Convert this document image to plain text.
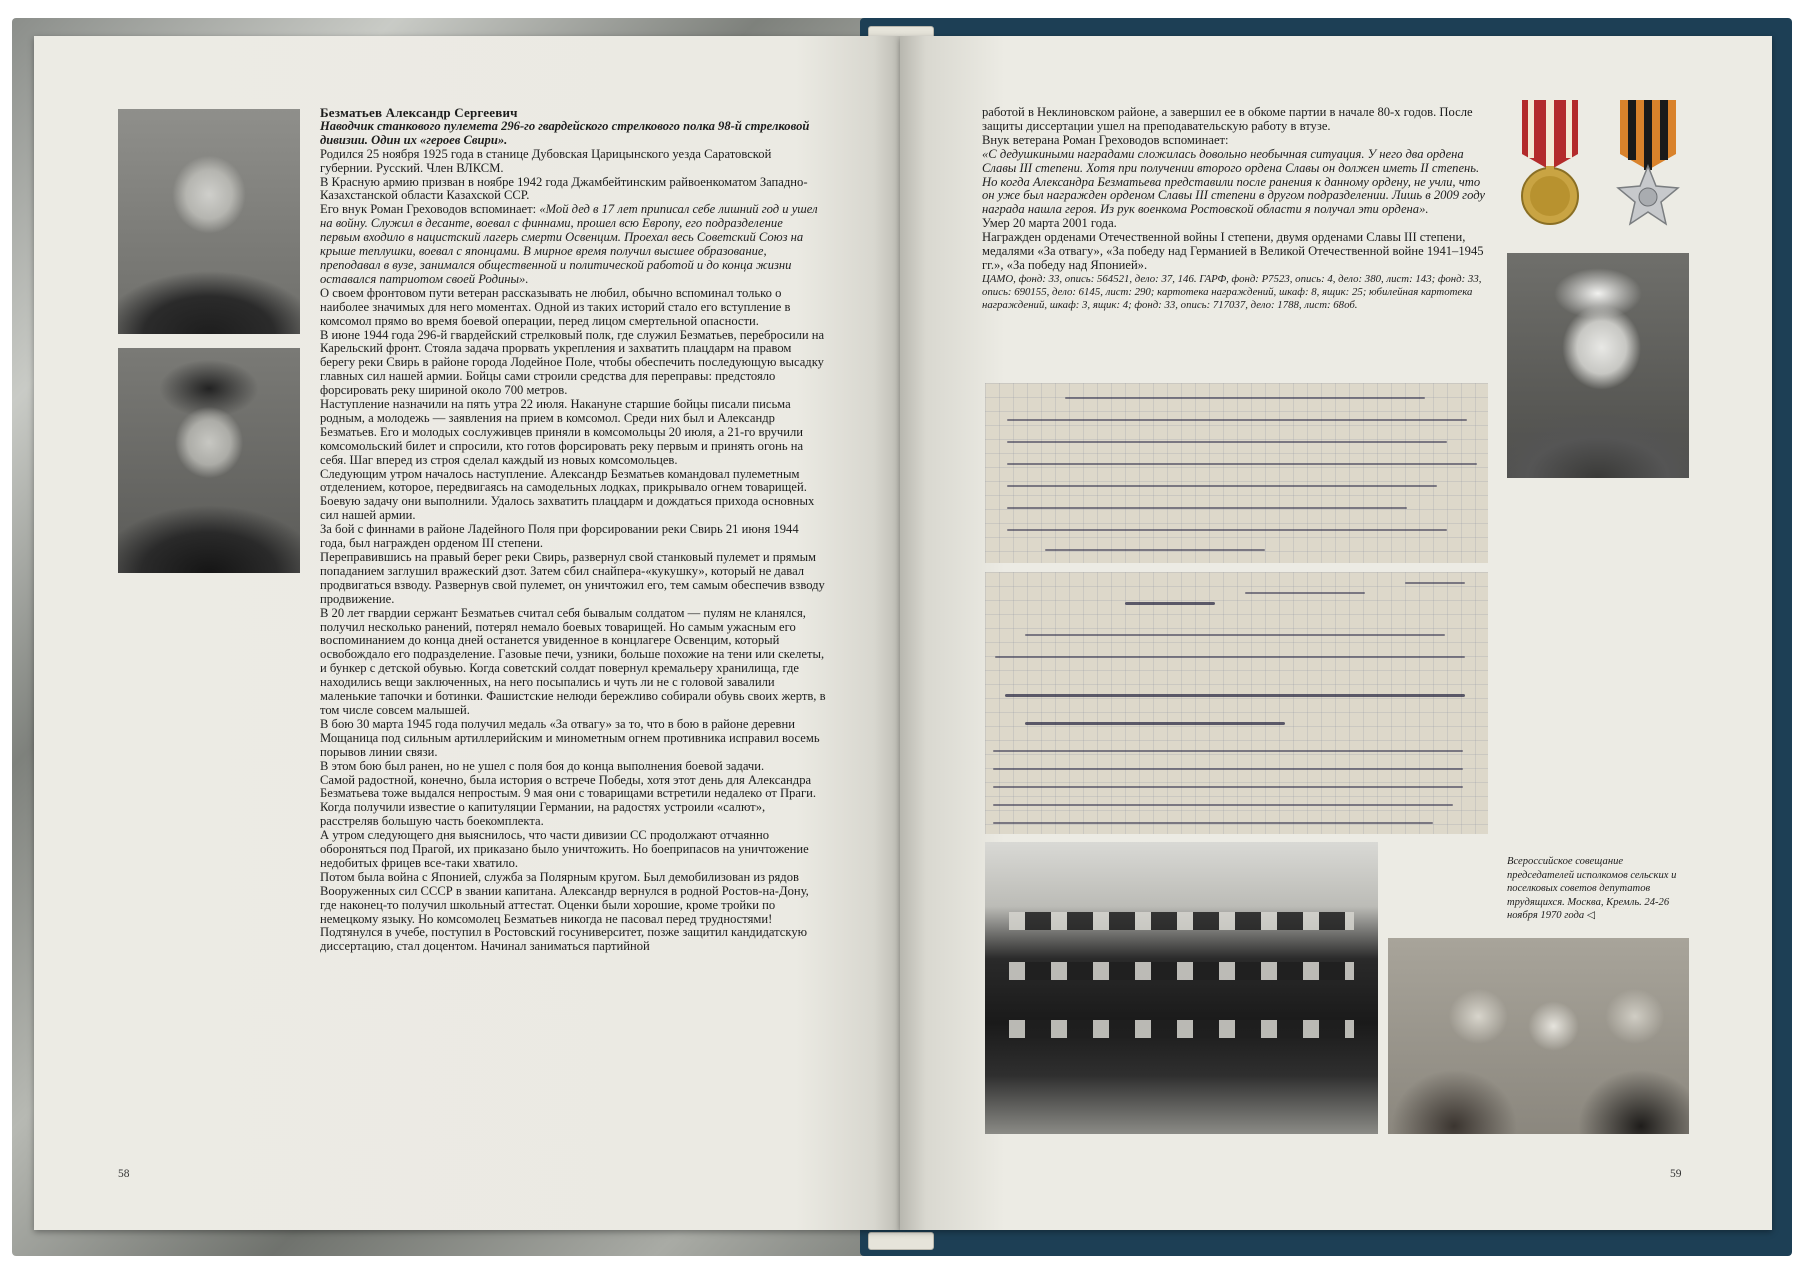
Безматьев Александр Сергеевич

Наводчик станкового пулемета 296-го гвардейского стрелкового полка 98-й стрелковой дивизии. Один их «героев Свири».

Родился 25 ноября 1925 года в станице Дубовская Царицынского уезда Саратовской губернии. Русский. Член ВЛКСМ.

В Красную армию призван в ноябре 1942 года Джамбейтинским райвоенкоматом Западно-Казахстанской области Казахской ССР.

Его внук Роман Греховодов вспоминает: «Мой дед в 17 лет приписал себе лишний год и ушел на войну. Служил в десанте, воевал с финнами, прошел всю Европу, его подразделение первым входило в нацистский лагерь смерти Освенцим. Проехал весь Советский Союз на крыше теплушки, воевал с японцами. В мирное время получил высшее образование, преподавал в вузе, занимался общественной и политической работой и до конца жизни оставался патриотом своей Родины».

О своем фронтовом пути ветеран рассказывать не любил, обычно вспоминал только о наиболее значимых для него моментах. Одной из таких историй стало его вступление в комсомол прямо во время боевой операции, перед лицом смертельной опасности.

В июне 1944 года 296-й гвардейский стрелковый полк, где служил Безматьев, перебросили на Карельский фронт. Стояла задача прорвать укрепления и захватить плацдарм на правом берегу реки Свирь в районе города Лодейное Поле, чтобы обеспечить последующую высадку главных сил нашей армии. Бойцы сами строили средства для переправы: предстояло форсировать реку шириной около 700 метров.

Наступление назначили на пять утра 22 июля. Накануне старшие бойцы писали письма родным, а молодежь — заявления на прием в комсомол. Среди них был и Александр Безматьев. Его и молодых сослуживцев приняли в комсомольцы 20 июля, а 21-го вручили комсомольский билет и спросили, кто готов форсировать реку первым и принять огонь на себя. Шаг вперед из строя сделал каждый из новых комсомольцев.

Следующим утром началось наступление. Александр Безматьев командовал пулеметным отделением, которое, передвигаясь на самодельных лодках, прикрывало огнем товарищей. Боевую задачу они выполнили. Удалось захватить плацдарм и дождаться прихода основных сил нашей армии.

За бой с финнами в районе Ладейного Поля при форсировании реки Свирь 21 июня 1944 года, был награжден орденом III степени.

Переправившись на правый берег реки Свирь, развернул свой станковый пулемет и прямым попаданием заглушил вражеский дзот. Затем сбил снайпера-«кукушку», который не давал продвигаться взводу. Развернув свой пулемет, он уничтожил его, тем самым обеспечив взводу продвижение.

В 20 лет гвардии сержант Безматьев считал себя бывалым солдатом — пулям не кланялся, получил несколько ранений, потерял немало боевых товарищей. Но самым ужасным его воспоминанием до конца дней останется увиденное в концлагере Освенцим, который освобождало его подразделение. Газовые печи, узники, больше похожие на тени или скелеты, и бункер с детской обувью. Когда советский солдат повернул кремальеру хранилища, где находились вещи заключенных, на него посыпались и чуть ли не с головой завалили маленькие тапочки и ботинки. Фашистские нелюди бережливо собирали обувь своих жертв, в том числе совсем малышей.

В бою 30 марта 1945 года получил медаль «За отвагу» за то, что в бою в районе деревни Мощаница под сильным артиллерийским и минометным огнем противника исправил восемь порывов линии связи.

В этом бою был ранен, но не ушел с поля боя до конца выполнения боевой задачи.

Самой радостной, конечно, была история о встрече Победы, хотя этот день для Александра Безматьева тоже выдался непростым. 9 мая они с товарищами встретили недалеко от Праги. Когда получили известие о капитуляции Германии, на радостях устроили «салют», расстреляв большую часть боекомплекта.

А утром следующего дня выяснилось, что части дивизии СС продолжают отчаянно обороняться под Прагой, их приказано было уничтожить. Но боеприпасов на уничтожение недобитых фрицев все-таки хватило.

Потом была война с Японией, служба за Полярным кругом. Был демобилизован из рядов Вооруженных сил СССР в звании капитана. Александр вернулся в родной Ростов-на-Дону, где наконец-то получил школьный аттестат. Оценки были хорошие, кроме тройки по немецкому языку. Но комсомолец Безматьев никогда не пасовал перед трудностями!

Подтянулся в учебе, поступил в Ростовский госуниверситет, позже защитил кандидатскую диссертацию, стал доцентом. Начинал заниматься партийной

58

работой в Неклиновском районе, а завершил ее в обкоме партии в начале 80-х годов. После защиты диссертации ушел на преподавательскую работу в втузе.

Внук ветерана Роман Греховодов вспоминает:

«С дедушкиными наградами сложилась довольно необычная ситуация. У него два ордена Славы III степени. Хотя при получении второго ордена Славы он должен иметь II степень. Но когда Александра Безматьева представили после ранения к данному ордену, не учли, что он уже был награжден орденом Славы III степени в другом подразделении. Лишь в 2009 году награда нашла героя. Из рук военкома Ростовской области я получал эти ордена».

Умер 20 марта 2001 года.

Награжден орденами Отечественной войны I степени, двумя орденами Славы III степени, медалями «За отвагу», «За победу над Германией в Великой Отечественной войне 1941–1945 гг.», «За победу над Японией».

ЦАМО, фонд: 33, опись: 564521, дело: 37, 146. ГАРФ, фонд: Р7523, опись: 4, дело: 380, лист: 143; фонд: 33, опись: 690155, дело: 6145, лист: 290; картотека награждений, шкаф: 8, ящик: 25; юбилейная картотека награждений, шкаф: 3, ящик: 4; фонд: 33, опись: 717037, дело: 1788, лист: 68об.

Всероссийское совещание председателей исполкомов сельских и поселковых советов депутатов трудящихся. Москва, Кремль. 24-26 ноября 1970 года ◁
59
